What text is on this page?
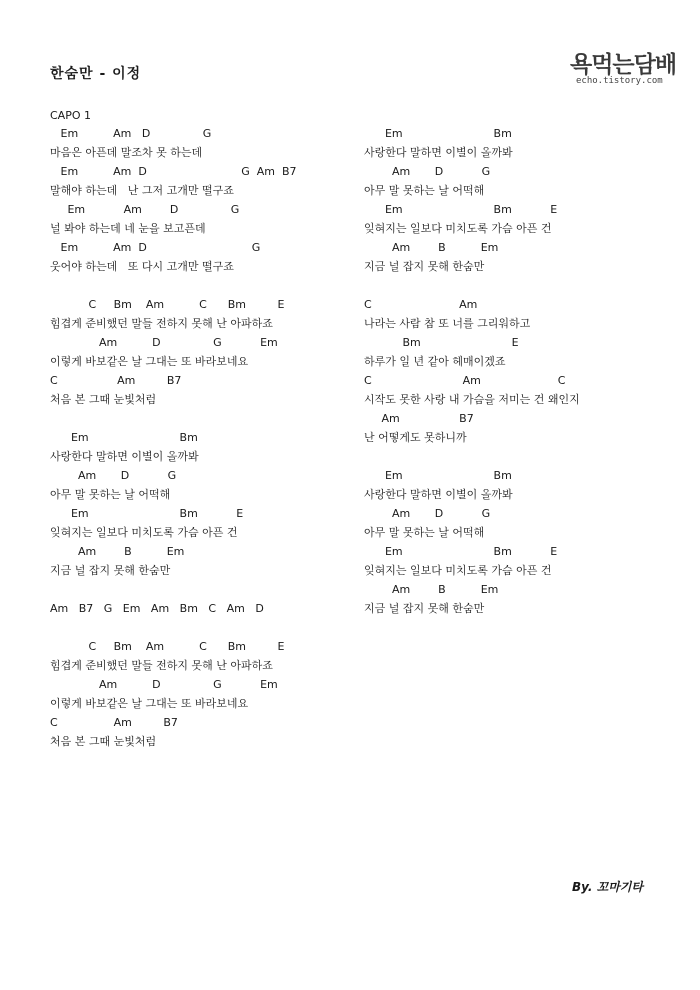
한숨만 - 이정	욕먹는담배
echo.tistory.com
CAPO 1
Em          Am   D               G
마음은 아픈데 말조차 못 하는데
Em          Am  D                           G  Am  B7
말해야 하는데   난 그저 고개만 떨구죠
Em           Am        D               G
널 봐야 하는데 네 눈을 보고픈데
Em          Am  D                              G
웃어야 하는데   또 다시 고개만 떨구죠
C     Bm    Am          C      Bm         E
힘겹게 준비했던 말들 전하지 못해 난 아파하죠
Am          D               G           Em
이렇게 바보같은 날 그대는 또 바라보네요
C                 Am         B7
처음 본 그때 눈빛처럼
Em                          Bm
사랑한다 말하면 이별이 올까봐
Am       D           G
아무 말 못하는 날 어떡해
Em                          Bm           E
잊혀지는 일보다 미치도록 가슴 아픈 건
Am        B          Em
지금 널 잡지 못해 한숨만
Am   B7   G   Em   Am   Bm   C   Am   D
C     Bm    Am          C      Bm         E
힘겹게 준비했던 말들 전하지 못해 난 아파하죠
Am          D               G           Em
이렇게 바보같은 날 그대는 또 바라보네요
C                Am         B7
처음 본 그때 눈빛처럼
Em                          Bm
사랑한다 말하면 이별이 올까봐
Am       D           G
아무 말 못하는 날 어떡해
Em                          Bm           E
잊혀지는 일보다 미치도록 가슴 아픈 건
Am        B          Em
지금 널 잡지 못해 한숨만
C                         Am
나라는 사람 참 또 너를 그리워하고
Bm                          E
하루가 일 년 같아 헤매이겠죠
C                          Am                      C
시작도 못한 사랑 내 가슴을 저미는 건 왜인지
Am                 B7
난 어떻게도 못하니까
Em                          Bm
사랑한다 말하면 이별이 올까봐
Am       D           G
아무 말 못하는 날 어떡해
Em                          Bm           E
잊혀지는 일보다 미치도록 가슴 아픈 건
Am        B          Em
지금 널 잡지 못해 한숨만
By. 꼬마기타
